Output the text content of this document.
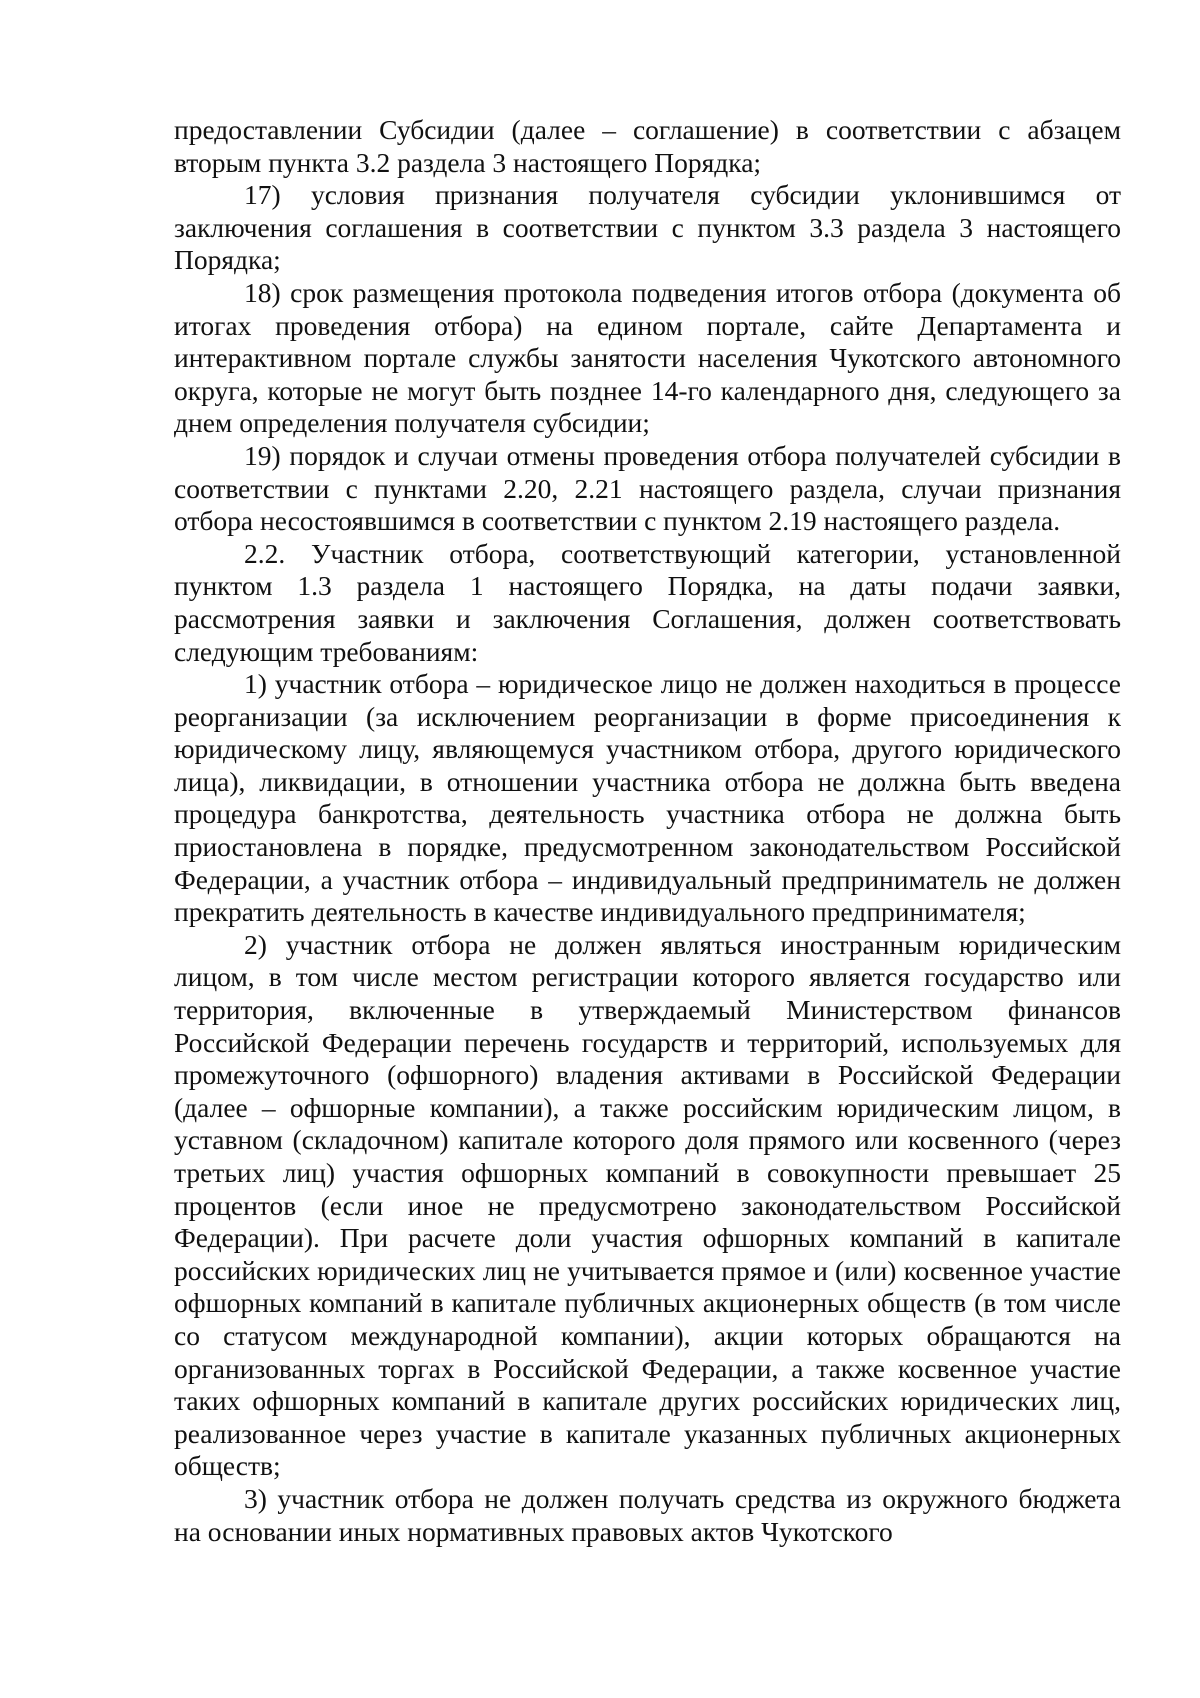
предоставлении Субсидии (далее – соглашение) в соответствии с абзацем вторым пункта 3.2 раздела 3 настоящего Порядка;

17) условия признания получателя субсидии уклонившимся от заключения соглашения в соответствии с пунктом 3.3 раздела 3 настоящего Порядка;

18) срок размещения протокола подведения итогов отбора (документа об итогах проведения отбора) на едином портале, сайте Департамента и интерактивном портале службы занятости населения Чукотского автономного округа, которые не могут быть позднее 14-го календарного дня, следующего за днем определения получателя субсидии;

19) порядок и случаи отмены проведения отбора получателей субсидии в соответствии с пунктами 2.20, 2.21 настоящего раздела, случаи признания отбора несостоявшимся в соответствии с пунктом 2.19 настоящего раздела.

2.2. Участник отбора, соответствующий категории, установленной пунктом 1.3 раздела 1 настоящего Порядка, на даты подачи заявки, рассмотрения заявки и заключения Соглашения, должен соответствовать следующим требованиям:

1) участник отбора – юридическое лицо не должен находиться в процессе реорганизации (за исключением реорганизации в форме присоединения к юридическому лицу, являющемуся участником отбора, другого юридического лица), ликвидации, в отношении участника отбора не должна быть введена процедура банкротства, деятельность участника отбора не должна быть приостановлена в порядке, предусмотренном законодательством Российской Федерации, а участник отбора – индивидуальный предприниматель не должен прекратить деятельность в качестве индивидуального предпринимателя;

2) участник отбора не должен являться иностранным юридическим лицом, в том числе местом регистрации которого является государство или территория, включенные в утверждаемый Министерством финансов Российской Федерации перечень государств и территорий, используемых для промежуточного (офшорного) владения активами в Российской Федерации (далее – офшорные компании), а также российским юридическим лицом, в уставном (складочном) капитале которого доля прямого или косвенного (через третьих лиц) участия офшорных компаний в совокупности превышает 25 процентов (если иное не предусмотрено законодательством Российской Федерации). При расчете доли участия офшорных компаний в капитале российских юридических лиц не учитывается прямое и (или) косвенное участие офшорных компаний в капитале публичных акционерных обществ (в том числе со статусом международной компании), акции которых обращаются на организованных торгах в Российской Федерации, а также косвенное участие таких офшорных компаний в капитале других российских юридических лиц, реализованное через участие в капитале указанных публичных акционерных обществ;

3) участник отбора не должен получать средства из окружного бюджета на основании иных нормативных правовых актов Чукотского
